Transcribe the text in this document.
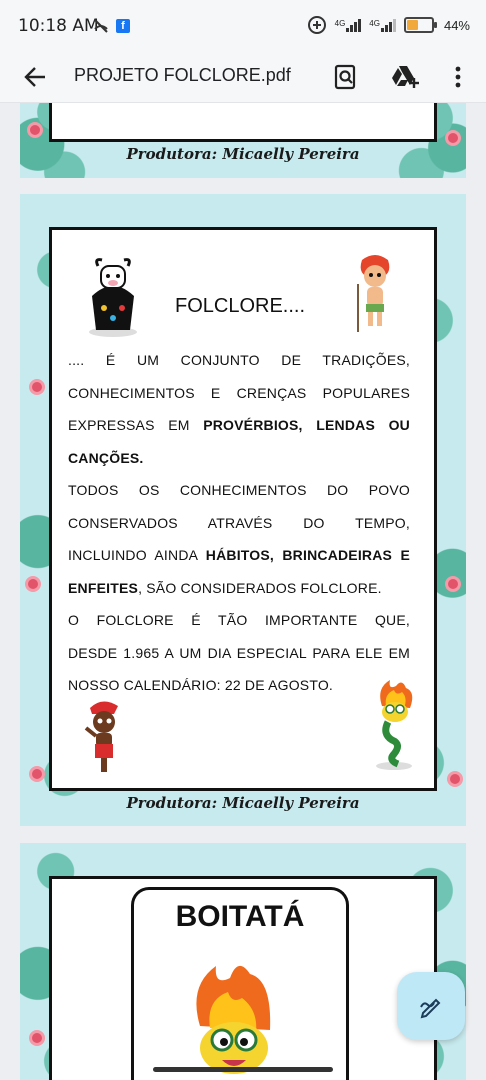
10:18 AM	f	4G	4G	44%
PROJETO FOLCLORE.pdf
Produtora: Micaelly Pereira
FOLCLORE....
.... É UM CONJUNTO DE TRADIÇÕES,
CONHECIMENTOS E CRENÇAS POPULARES
EXPRESSAS EM PROVÉRBIOS, LENDAS OU
CANÇÕES.
TODOS OS CONHECIMENTOS DO POVO
CONSERVADOS ATRAVÉS DO TEMPO,
INCLUINDO AINDA HÁBITOS, BRINCADEIRAS E
ENFEITES, SÃO CONSIDERADOS FOLCLORE.
O FOLCLORE É TÃO IMPORTANTE QUE,
DESDE 1.965 A UM DIA ESPECIAL PARA ELE EM
NOSSO CALENDÁRIO: 22 DE AGOSTO.
Produtora: Micaelly Pereira
BOITATÁ
